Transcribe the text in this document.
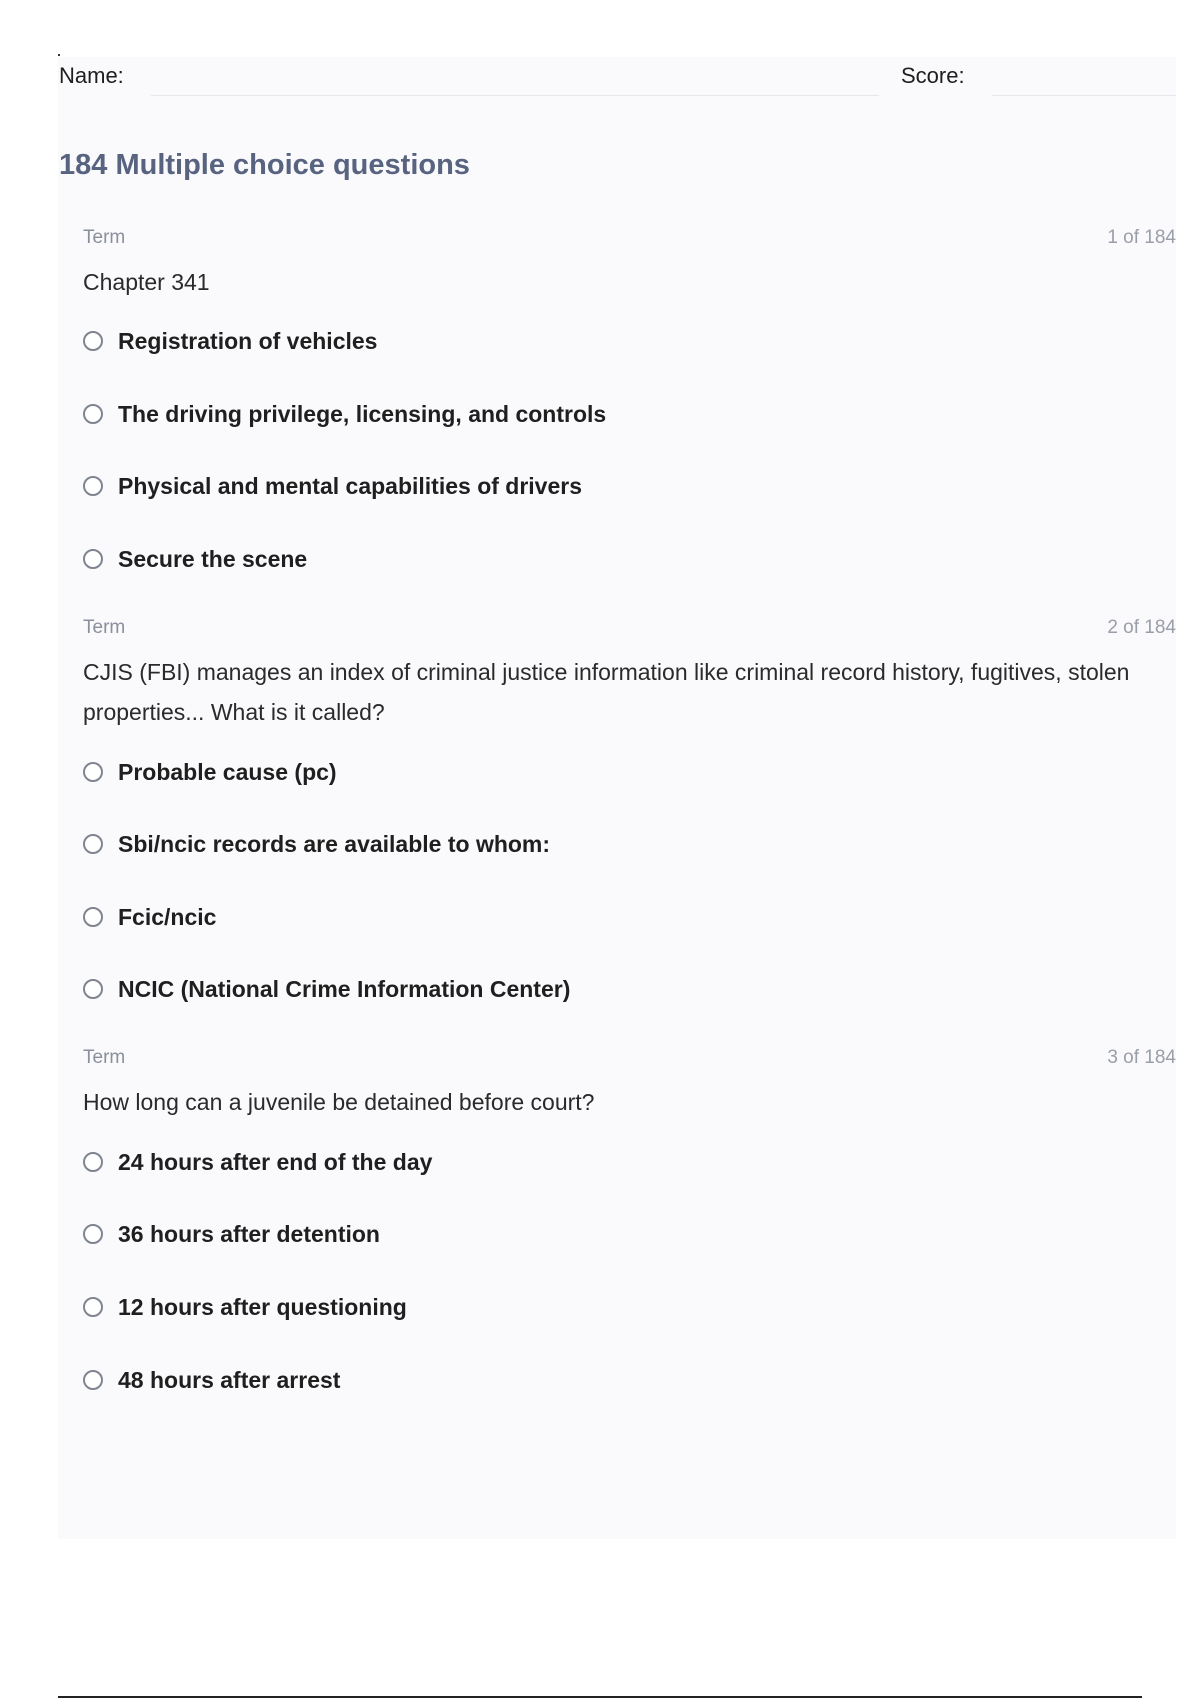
Name:	Score:
184 Multiple choice questions
Term	1 of 184
Chapter 341
Registration of vehicles
The driving privilege, licensing, and controls
Physical and mental capabilities of drivers
Secure the scene
Term	2 of 184
CJIS (FBI) manages an index of criminal justice information like criminal record history, fugitives, stolen properties... What is it called?
Probable cause (pc)
Sbi/ncic records are available to whom:
Fcic/ncic
NCIC (National Crime Information Center)
Term	3 of 184
How long can a juvenile be detained before court?
24 hours after end of the day
36 hours after detention
12 hours after questioning
48 hours after arrest
